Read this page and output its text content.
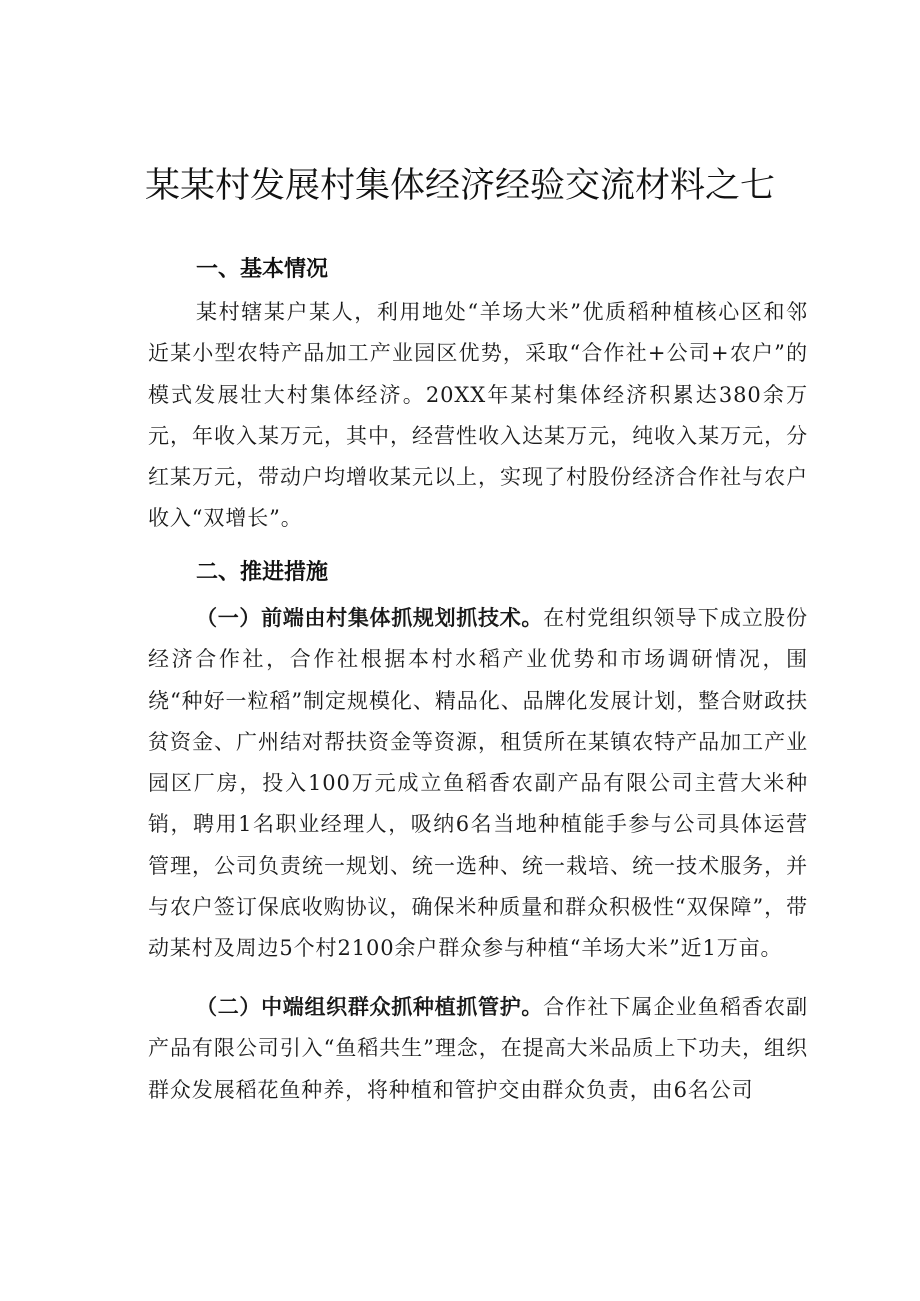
某某村发展村集体经济经验交流材料之七
一、基本情况

某村辖某户某人，利用地处“羊场大米”优质稻种植核心区和邻近某小型农特产品加工产业园区优势，采取“合作社+公司+农户”的模式发展壮大村集体经济。20XX年某村集体经济积累达380余万元，年收入某万元，其中，经营性收入达某万元，纯收入某万元，分红某万元，带动户均增收某元以上，实现了村股份经济合作社与农户收入“双增长”。

二、推进措施

（一）前端由村集体抓规划抓技术。在村党组织领导下成立股份经济合作社，合作社根据本村水稻产业优势和市场调研情况，围绕“种好一粒稻”制定规模化、精品化、品牌化发展计划，整合财政扶贫资金、广州结对帮扶资金等资源，租赁所在某镇农特产品加工产业园区厂房，投入100万元成立鱼稻香农副产品有限公司主营大米种销，聘用1名职业经理人，吸纳6名当地种植能手参与公司具体运营管理，公司负责统一规划、统一选种、统一栽培、统一技术服务，并与农户签订保底收购协议，确保米种质量和群众积极性“双保障”，带动某村及周边5个村2100余户群众参与种植“羊场大米”近1万亩。

（二）中端组织群众抓种植抓管护。合作社下属企业鱼稻香农副产品有限公司引入“鱼稻共生”理念，在提高大米品质上下功夫，组织群众发展稻花鱼种养，将种植和管护交由群众负责，由6名公司
